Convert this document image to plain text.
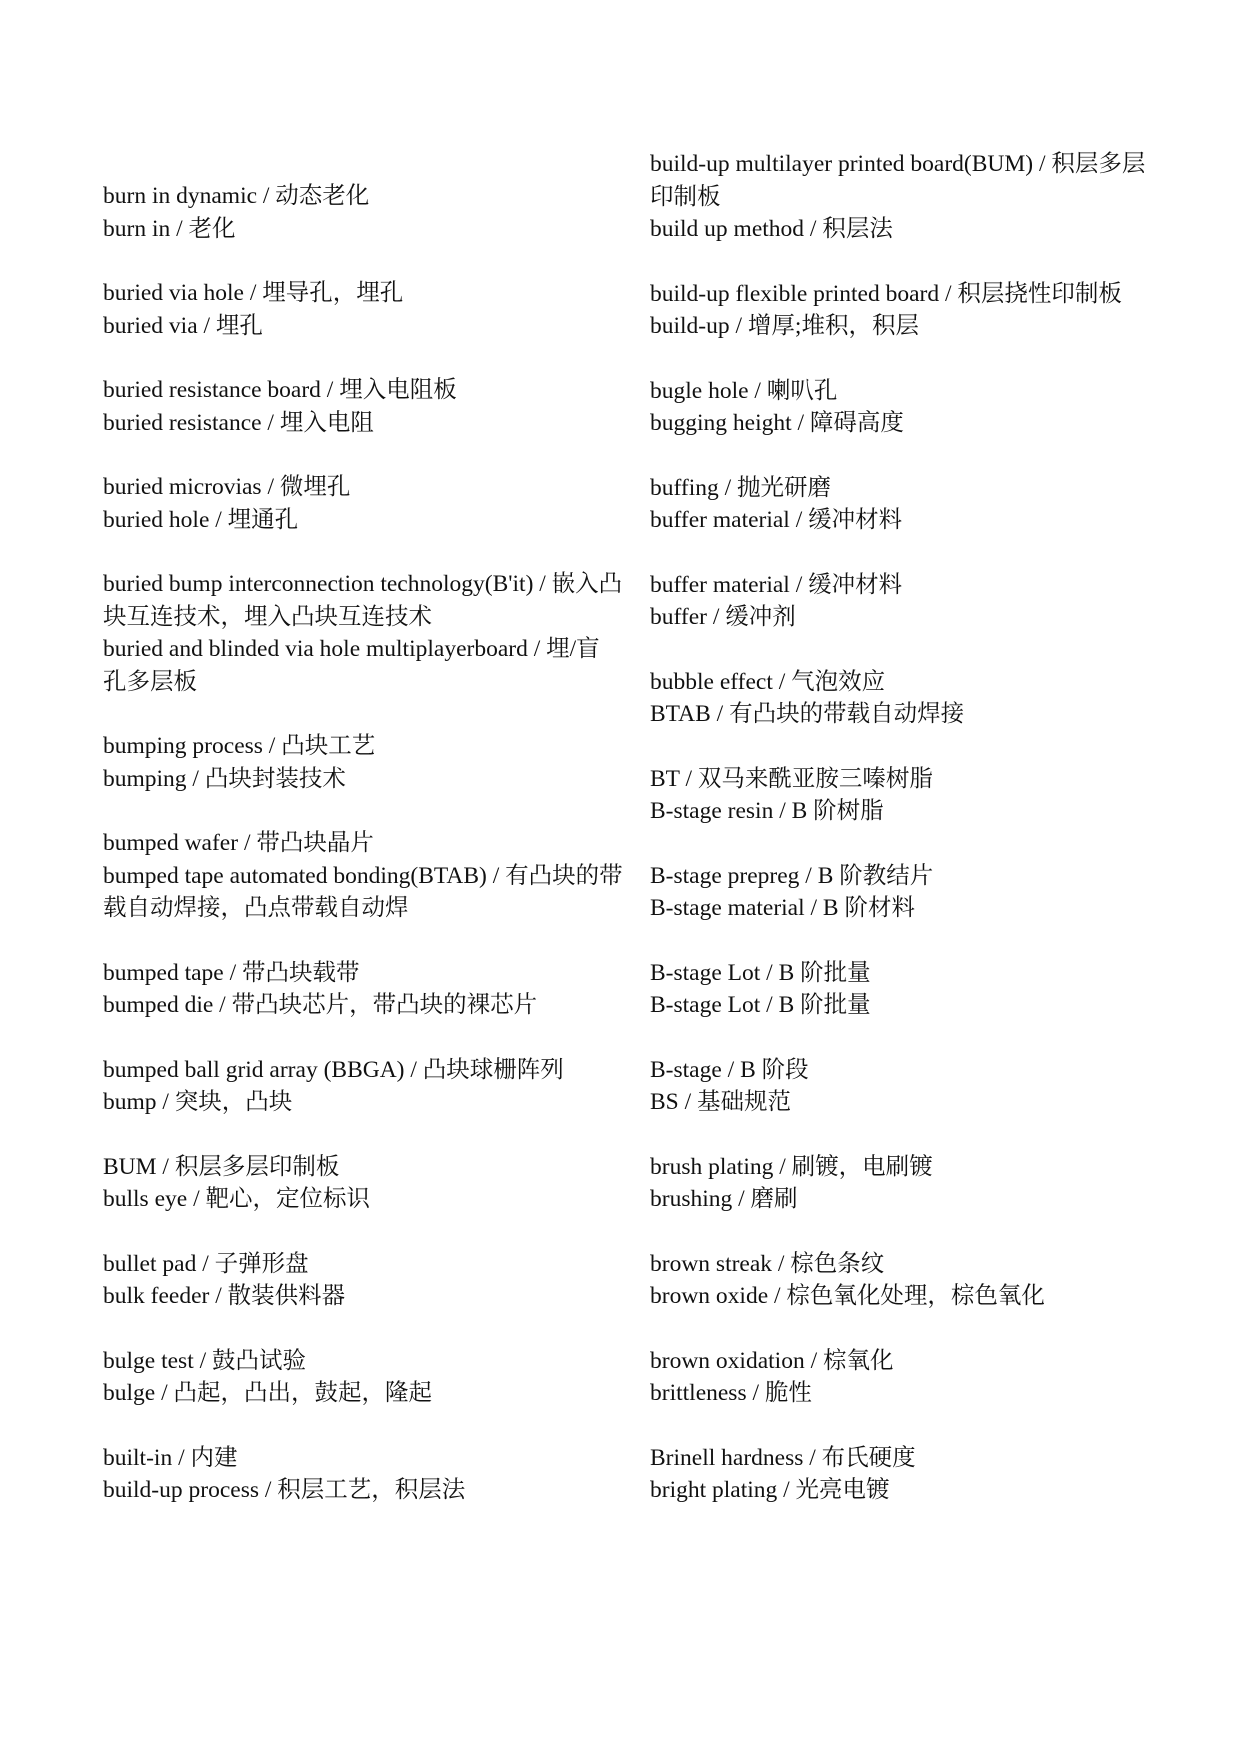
burn in dynamic / 动态老化

burn in / 老化

buried via hole / 埋导孔，埋孔

buried via / 埋孔

buried resistance board / 埋入电阻板

buried resistance / 埋入电阻

buried microvias / 微埋孔

buried hole / 埋通孔

buried bump interconnection technology(B'it) / 嵌入凸块互连技术，埋入凸块互连技术

buried and blinded via hole multiplayerboard / 埋/盲孔多层板

bumping process / 凸块工艺

bumping / 凸块封装技术

bumped wafer / 带凸块晶片

bumped tape automated bonding(BTAB) / 有凸块的带载自动焊接，凸点带载自动焊

bumped tape / 带凸块载带

bumped die / 带凸块芯片，带凸块的裸芯片

bumped ball grid array (BBGA) / 凸块球栅阵列

bump / 突块，凸块

BUM / 积层多层印制板

bulls eye / 靶心，定位标识

bullet pad / 子弹形盘

bulk feeder / 散装供料器

bulge test / 鼓凸试验

bulge / 凸起，凸出，鼓起，隆起

built-in / 内建

build-up process / 积层工艺，积层法

build-up multilayer printed board(BUM) / 积层多层印制板

build up method / 积层法

build-up flexible printed board / 积层挠性印制板

build-up / 增厚;堆积，积层

bugle hole / 喇叭孔

bugging height / 障碍高度

buffing / 抛光研磨

buffer material / 缓冲材料

buffer material / 缓冲材料

buffer / 缓冲剂

bubble effect / 气泡效应

BTAB / 有凸块的带载自动焊接

BT / 双马来酰亚胺三嗪树脂

B-stage resin / B 阶树脂

B-stage prepreg / B 阶教结片

B-stage material / B 阶材料

B-stage Lot / B 阶批量

B-stage Lot / B 阶批量

B-stage / B 阶段

BS / 基础规范

brush plating / 刷镀，电刷镀

brushing / 磨刷

brown streak / 棕色条纹

brown oxide / 棕色氧化处理，棕色氧化

brown oxidation / 棕氧化

brittleness / 脆性

Brinell hardness / 布氏硬度

bright plating / 光亮电镀
